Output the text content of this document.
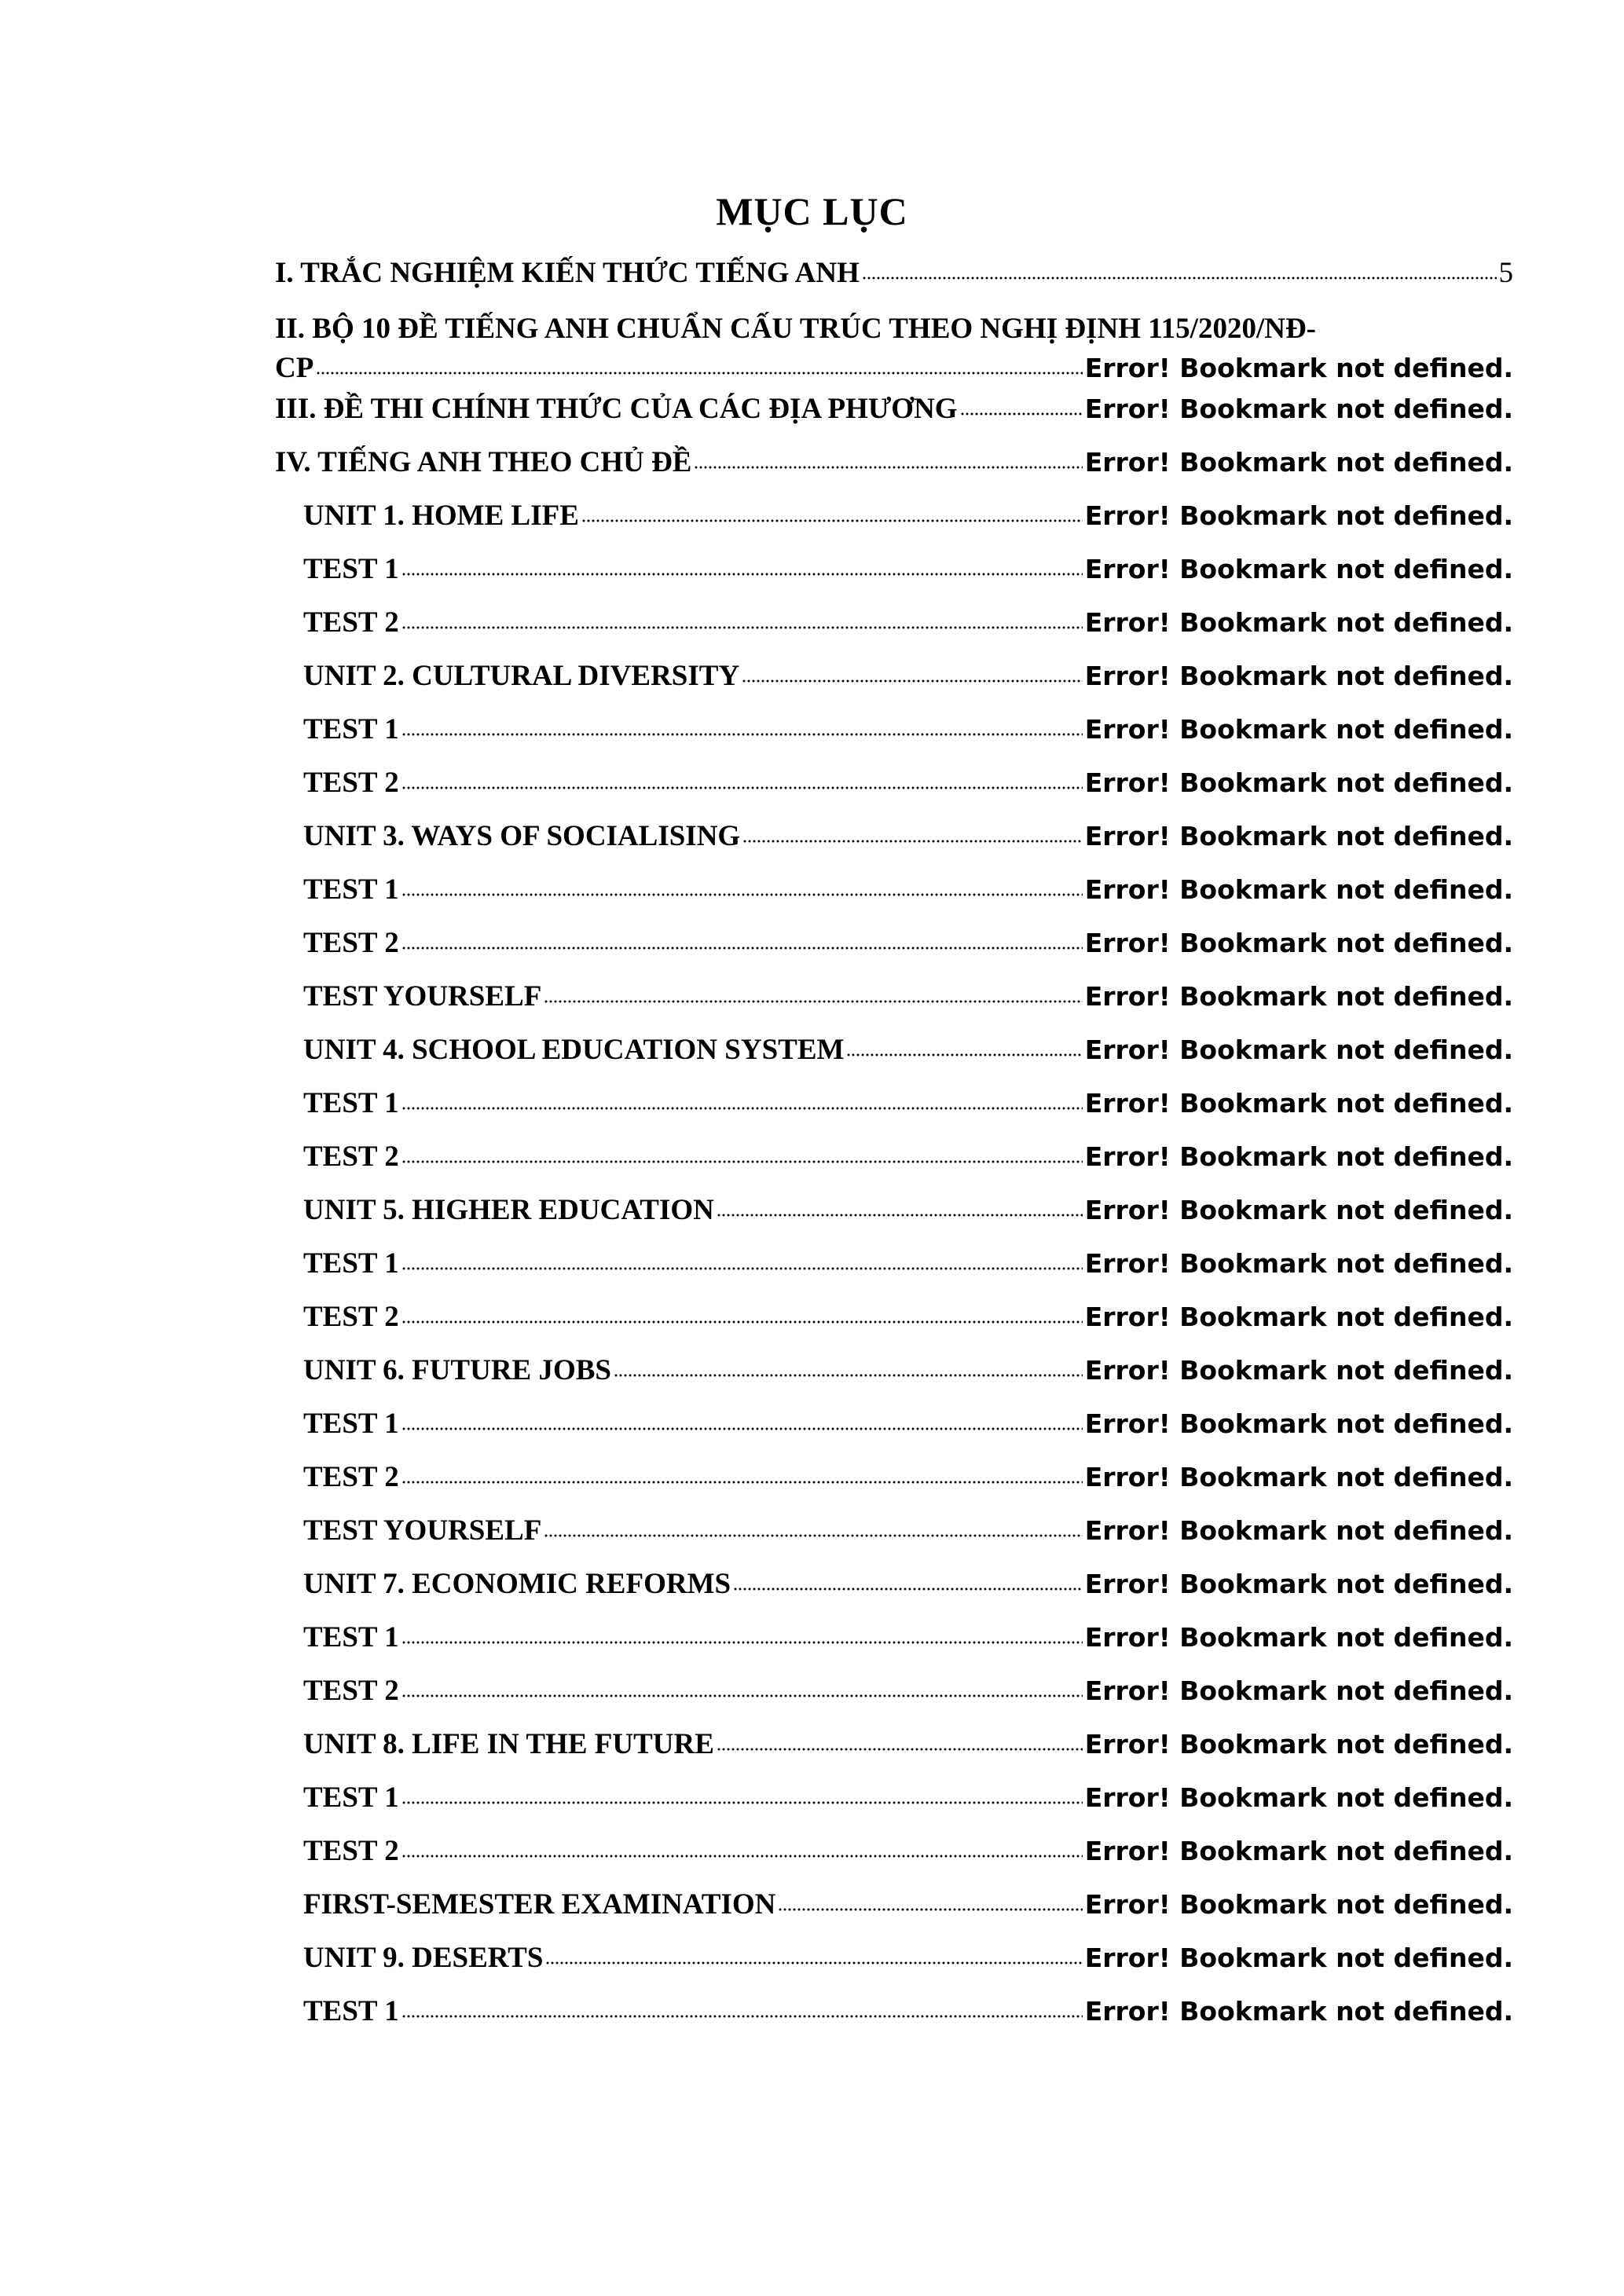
MỤC LỤC
I. TRẮC NGHIỆM KIẾN THỨC TIẾNG ANH	5
II. BỘ 10 ĐỀ TIẾNG ANH CHUẨN CẤU TRÚC THEO NGHỊ ĐỊNH 115/2020/NĐ-
CP	Error! Bookmark not defined.
III. ĐỀ THI CHÍNH THỨC CỦA CÁC ĐỊA PHƯƠNG	Error! Bookmark not defined.
IV. TIẾNG ANH THEO CHỦ ĐỀ	Error! Bookmark not defined.
UNIT 1. HOME LIFE	Error! Bookmark not defined.
TEST 1	Error! Bookmark not defined.
TEST 2	Error! Bookmark not defined.
UNIT 2. CULTURAL DIVERSITY	Error! Bookmark not defined.
TEST 1	Error! Bookmark not defined.
TEST 2	Error! Bookmark not defined.
UNIT 3. WAYS OF SOCIALISING	Error! Bookmark not defined.
TEST 1	Error! Bookmark not defined.
TEST 2	Error! Bookmark not defined.
TEST YOURSELF	Error! Bookmark not defined.
UNIT 4. SCHOOL EDUCATION SYSTEM	Error! Bookmark not defined.
TEST 1	Error! Bookmark not defined.
TEST 2	Error! Bookmark not defined.
UNIT 5. HIGHER EDUCATION	Error! Bookmark not defined.
TEST 1	Error! Bookmark not defined.
TEST 2	Error! Bookmark not defined.
UNIT 6. FUTURE JOBS	Error! Bookmark not defined.
TEST 1	Error! Bookmark not defined.
TEST 2	Error! Bookmark not defined.
TEST YOURSELF	Error! Bookmark not defined.
UNIT 7. ECONOMIC REFORMS	Error! Bookmark not defined.
TEST 1	Error! Bookmark not defined.
TEST 2	Error! Bookmark not defined.
UNIT 8. LIFE IN THE FUTURE	Error! Bookmark not defined.
TEST 1	Error! Bookmark not defined.
TEST 2	Error! Bookmark not defined.
FIRST-SEMESTER EXAMINATION	Error! Bookmark not defined.
UNIT 9. DESERTS	Error! Bookmark not defined.
TEST 1	Error! Bookmark not defined.
